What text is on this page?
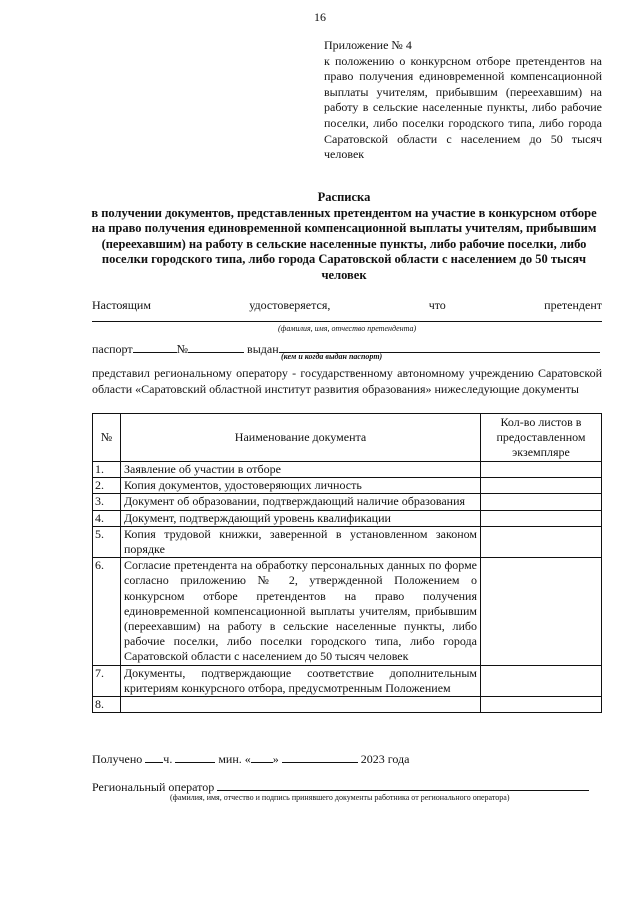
16
Приложение № 4
к положению о конкурсном отборе претендентов на право получения единовременной компенсационной выплаты учителям, прибывшим (переехавшим) на работу в сельские населенные пункты, либо рабочие поселки, либо поселки городского типа, либо города Саратовской области с населением до 50 тысяч человек
Расписка
в получении документов, представленных претендентом на участие в конкурсном отборе на право получения единовременной компенсационной выплаты учителям, прибывшим (переехавшим) на работу в сельские населенные пункты, либо рабочие поселки, либо поселки городского типа, либо города Саратовской области с населением до 50 тысяч человек
Настоящим	удостоверяется,	что	претендент
(фамилия, имя, отчество претендента)
паспорт	№	выдан
(кем и когда выдан паспорт)
представил региональному оператору - государственному автономному учреждению Саратовской области «Саратовский областной институт развития образования» нижеследующие документы
№	Наименование документа	Кол-во листов в предоставленном экземпляре
1.	Заявление об участии в отборе	
2.	Копия документов, удостоверяющих личность	
3.	Документ об образовании, подтверждающий наличие образования	
4.	Документ, подтверждающий уровень квалификации	
5.	Копия трудовой книжки, заверенной в установленном законом порядке	
6.	Согласие претендента на обработку персональных данных по форме согласно приложению № 2, утвержденной Положением о конкурсном отборе претендентов на право получения единовременной компенсационной выплаты учителям, прибывшим (переехавшим) на работу в сельские населенные пункты, либо рабочие поселки, либо поселки городского типа, либо города Саратовской области с населением до 50 тысяч человек	
7.	Документы, подтверждающие соответствие дополнительным критериям конкурсного отбора, предусмотренным Положением	
8.		
Получено ч.	мин. « »	2023 года
Региональный оператор
(фамилия, имя, отчество и подпись принявшего документы работника от регионального оператора)
